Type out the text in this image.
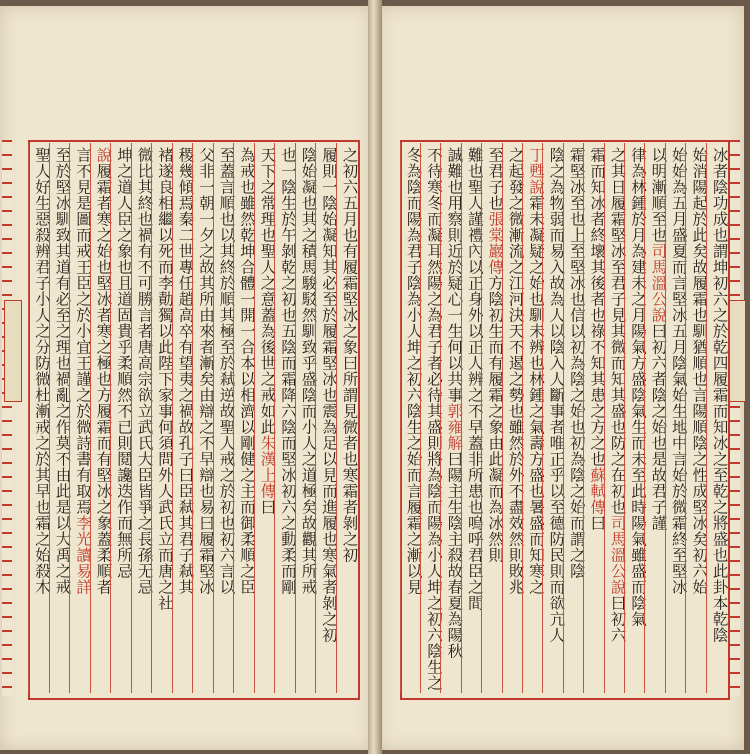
聖人好生惡殺辨君子小人之分防微杜漸戒之於其早也霜之始殺木 至於堅冰馴致其道有必至之理也禍亂之作莫不由此是以大禹之戒 言不見是圖而戒王臣之於小宜王謹之於微詩書有取焉李光讀易詳
說履霜者寒之始也堅冰者寒之極也方履霜而有堅冰之象蓋柔順者 坤之道人臣之象也且道固貴乎柔順然不已則鬩讒迭作而無所忌 微比其終也禍有不可勝言者唐高宗欲立武氏大臣皆爭之長孫无忌 褚遂良相繼以死而李勣獨以此陛下家事何須問外人武氏立而唐之社 稷幾傾焉秦二世專任趙高卒有望夷之禍故孔子曰臣弒其君子弒其 父非一朝一夕之故其所由來者漸矣由辯之不早辯也易曰履霜堅冰 至蓋言順也以其終於順其極至於弒逆故聖人戒之於初也初六言以 為戒也雖然乾坤合體一開一合本以相濟以剛健之主而御柔順之臣 天下之常理也聖人之意蓋為後世之戒如此朱漢上傳曰 也一陰生於午剝乾之初也五陰而霜降六陰而堅冰初六之動柔而剛 陰始凝也其之積馬駿駁然馴致乎盛陰而小人之道極矣故觀其所戒 履則一陰始凝知其必至於履霜堅冰也震為足以見而進履也寒氣者剝之初 之初六五月也有履霜堅冰之象曰所謂見微者也寒霜者剝之初	冬為陰而陽為君子陰為小人坤之初六陰生之始而言履霜之漸以見 不待寒冬而凝耳然陽之為君子者必待其盛則將為陰而陽為小人坤之初六陰生之
誠難也用察則近於疑心一生何以共事郭雍解曰陽主生陰主殺故春夏為陽秋 難也聖人謹禮內以正身外以正人辨之不早蓋非所患也嗚呼君臣之間 至君子也張棠巖傳方陰初生而有履霜之象由此凝而為冰然則 之起發之微漸流之江河決天不遏之勢也雖然於外不盡效然則敗兆 丁甦說霜未凝疑之始也馴未辨也林鍾之氣壽方盛也暑盛而知寒之 陰之為物弱而易入故為人以陰入人斷事者唯正乎以至德防民則而欲亢人 霜堅冰至也上至堅冰也信以初為陰之始也初為陰之始而謂之陰 霜而知冰者終壞其後者也祿不知其患之方之也蘇軾傳曰
之其日履霜堅冰至君子見其微而知其盛也防之在初也司馬溫公說曰初六 律為林鍾於月為建未之月陽氣方盛陰氣生而未至此時陽氣雖盛而陰氣 以明漸順至也司馬溫公說曰初六者陰之始也是故君子謹 始始為五月盛夏而言堅冰五月陰氣始生地中言始於微霜終至堅冰 始消陽起於此矣故履霜也馴猶順也言陽順陰之性成堅冰矣初六始 冰者陰功成也謂坤初六之於乾四履霜而知冰之至乾之將盛也此卦本乾陰
